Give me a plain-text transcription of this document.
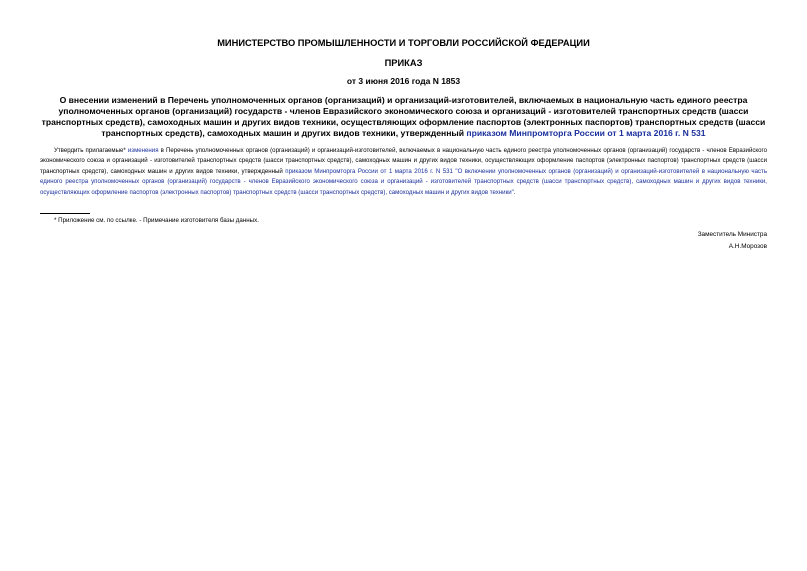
МИНИСТЕРСТВО ПРОМЫШЛЕННОСТИ И ТОРГОВЛИ РОССИЙСКОЙ ФЕДЕРАЦИИ
ПРИКАЗ
от 3 июня 2016 года N 1853
О внесении изменений в Перечень уполномоченных органов (организаций) и организаций-изготовителей, включаемых в национальную часть единого реестра уполномоченных органов (организаций) государств - членов Евразийского экономического союза и организаций - изготовителей транспортных средств (шасси транспортных средств), самоходных машин и других видов техники, осуществляющих оформление паспортов (электронных паспортов) транспортных средств (шасси транспортных средств), самоходных машин и других видов техники, утвержденный приказом Минпромторга России от 1 марта 2016 г. N 531
Утвердить прилагаемые* изменения в Перечень уполномоченных органов (организаций) и организаций-изготовителей, включаемых в национальную часть единого реестра уполномоченных органов (организаций) государств - членов Евразийского экономического союза и организаций - изготовителей транспортных средств (шасси транспортных средств), самоходных машин и других видов техники, осуществляющих оформление паспортов (электронных паспортов) транспортных средств (шасси транспортных средств), самоходных машин и других видов техники, утвержденный приказом Минпромторга России от 1 марта 2016 г. N 531 "О включении уполномоченных органов (организаций) и организаций-изготовителей в национальную часть единого реестра уполномоченных органов (организаций) государств - членов Евразийского экономического союза и организаций - изготовителей транспортных средств (шасси транспортных средств), самоходных машин и других видов техники, осуществляющих оформление паспортов (электронных паспортов) транспортных средств (шасси транспортных средств), самоходных машин и других видов техники".
* Приложение см. по ссылке. - Примечание изготовителя базы данных.
Заместитель Министра
А.Н.Морозов
